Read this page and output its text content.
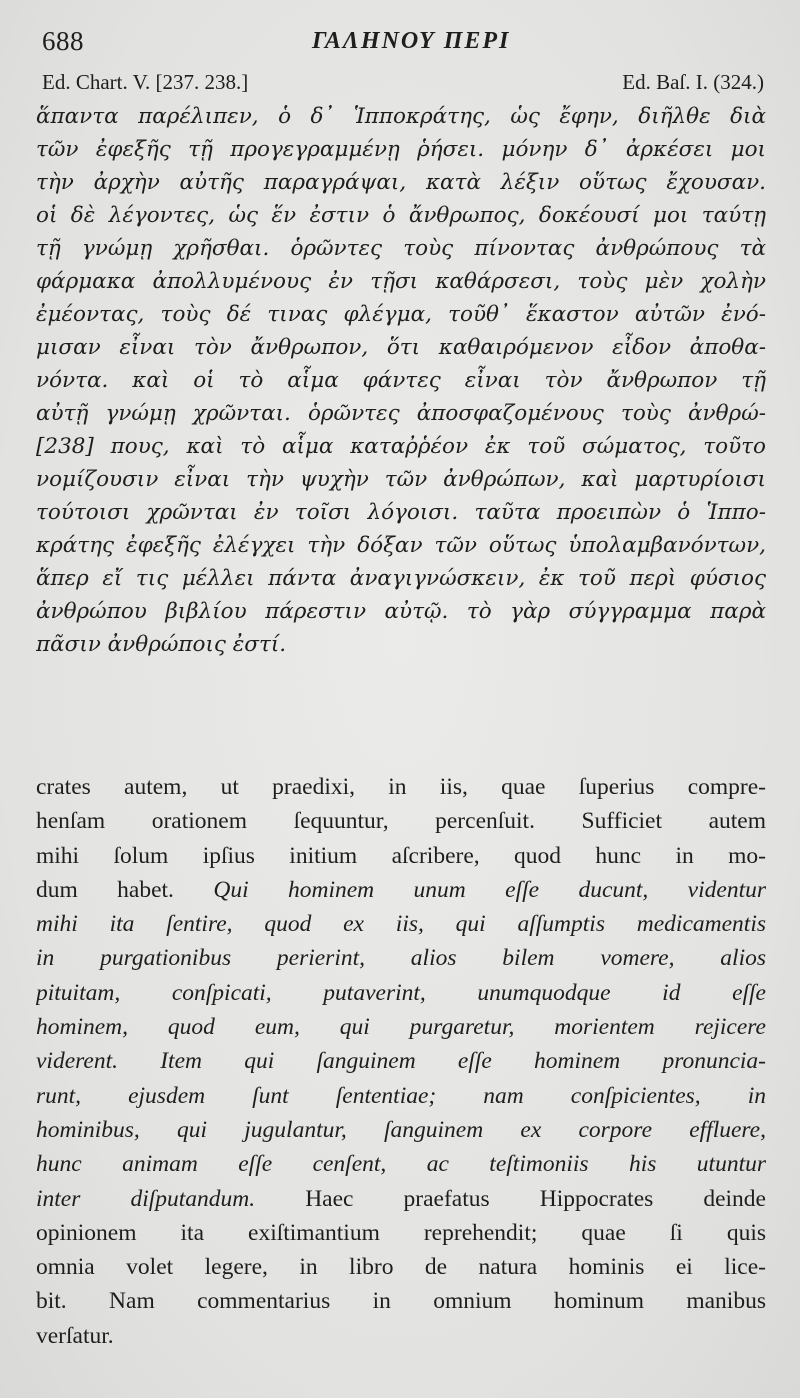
688	ΓΑΛΗΝΟΥ ΠΕΡΙ
Ed. Chart. V. [237. 238.]	Ed. Baſ. I. (324.)
ἅπαντα παρέλιπεν, ὁ δ᾽ Ἱπποκράτης, ὡς ἔφην, διῆλθε διὰ
τῶν ἐφεξῆς τῇ προγεγραμμένῃ ῥήσει. μόνην δ᾽ ἀρκέσει μοι
τὴν ἀρχὴν αὐτῆς παραγράψαι, κατὰ λέξιν οὕτως ἔχουσαν.
οἱ δὲ λέγοντες, ὡς ἕν ἐστιν ὁ ἄνθρωπος, δοκέουσί μοι ταύτῃ
τῇ γνώμῃ χρῆσθαι. ὁρῶντες τοὺς πίνοντας ἀνθρώπους τὰ
φάρμακα ἀπολλυμένους ἐν τῇσι καθάρσεσι, τοὺς μὲν χολὴν
ἐμέοντας, τοὺς δέ τινας φλέγμα, τοῦθ᾽ ἕκαστον αὐτῶν ἐνό-
μισαν εἶναι τὸν ἄνθρωπον, ὅτι καθαιρόμενον εἶδον ἀποθα-
νόντα. καὶ οἱ τὸ αἷμα φάντες εἶναι τὸν ἄνθρωπον τῇ
αὐτῇ γνώμῃ χρῶνται. ὁρῶντες ἀποσφαζομένους τοὺς ἀνθρώ-
[238] πους, καὶ τὸ αἷμα καταῤῥέον ἐκ τοῦ σώματος, τοῦτο
νομίζουσιν εἶναι τὴν ψυχὴν τῶν ἀνθρώπων, καὶ μαρτυρίοισι
τούτοισι χρῶνται ἐν τοῖσι λόγοισι. ταῦτα προειπὼν ὁ Ἱππο-
κράτης ἐφεξῆς ἐλέγχει τὴν δόξαν τῶν οὕτως ὑπολαμβανόντων,
ἅπερ εἴ τις μέλλει πάντα ἀναγιγνώσκειν, ἐκ τοῦ περὶ φύσιος
ἀνθρώπου βιβλίου πάρεστιν αὐτῷ. τὸ γὰρ σύγγραμμα παρὰ
πᾶσιν ἀνθρώποις ἐστί.
crates autem, ut praedixi, in iis, quae ſuperius compre-
henſam orationem ſequuntur, percenſuit. Sufficiet autem
mihi ſolum ipſius initium aſcribere, quod hunc in mo-
dum habet. Qui hominem unum eſſe ducunt, videntur
mihi ita ſentire, quod ex iis, qui aſſumptis medicamentis
in purgationibus perierint, alios bilem vomere, alios
pituitam, conſpicati, putaverint, unumquodque id eſſe
hominem, quod eum, qui purgaretur, morientem rejicere
viderent. Item qui ſanguinem eſſe hominem pronuncia-
runt, ejusdem ſunt ſententiae; nam conſpicientes, in
hominibus, qui jugulantur, ſanguinem ex corpore effluere,
hunc animam eſſe cenſent, ac teſtimoniis his utuntur
inter diſputandum. Haec praefatus Hippocrates deinde
opinionem ita exiſtimantium reprehendit; quae ſi quis
omnia volet legere, in libro de natura hominis ei lice-
bit. Nam commentarius in omnium hominum manibus
verſatur.
